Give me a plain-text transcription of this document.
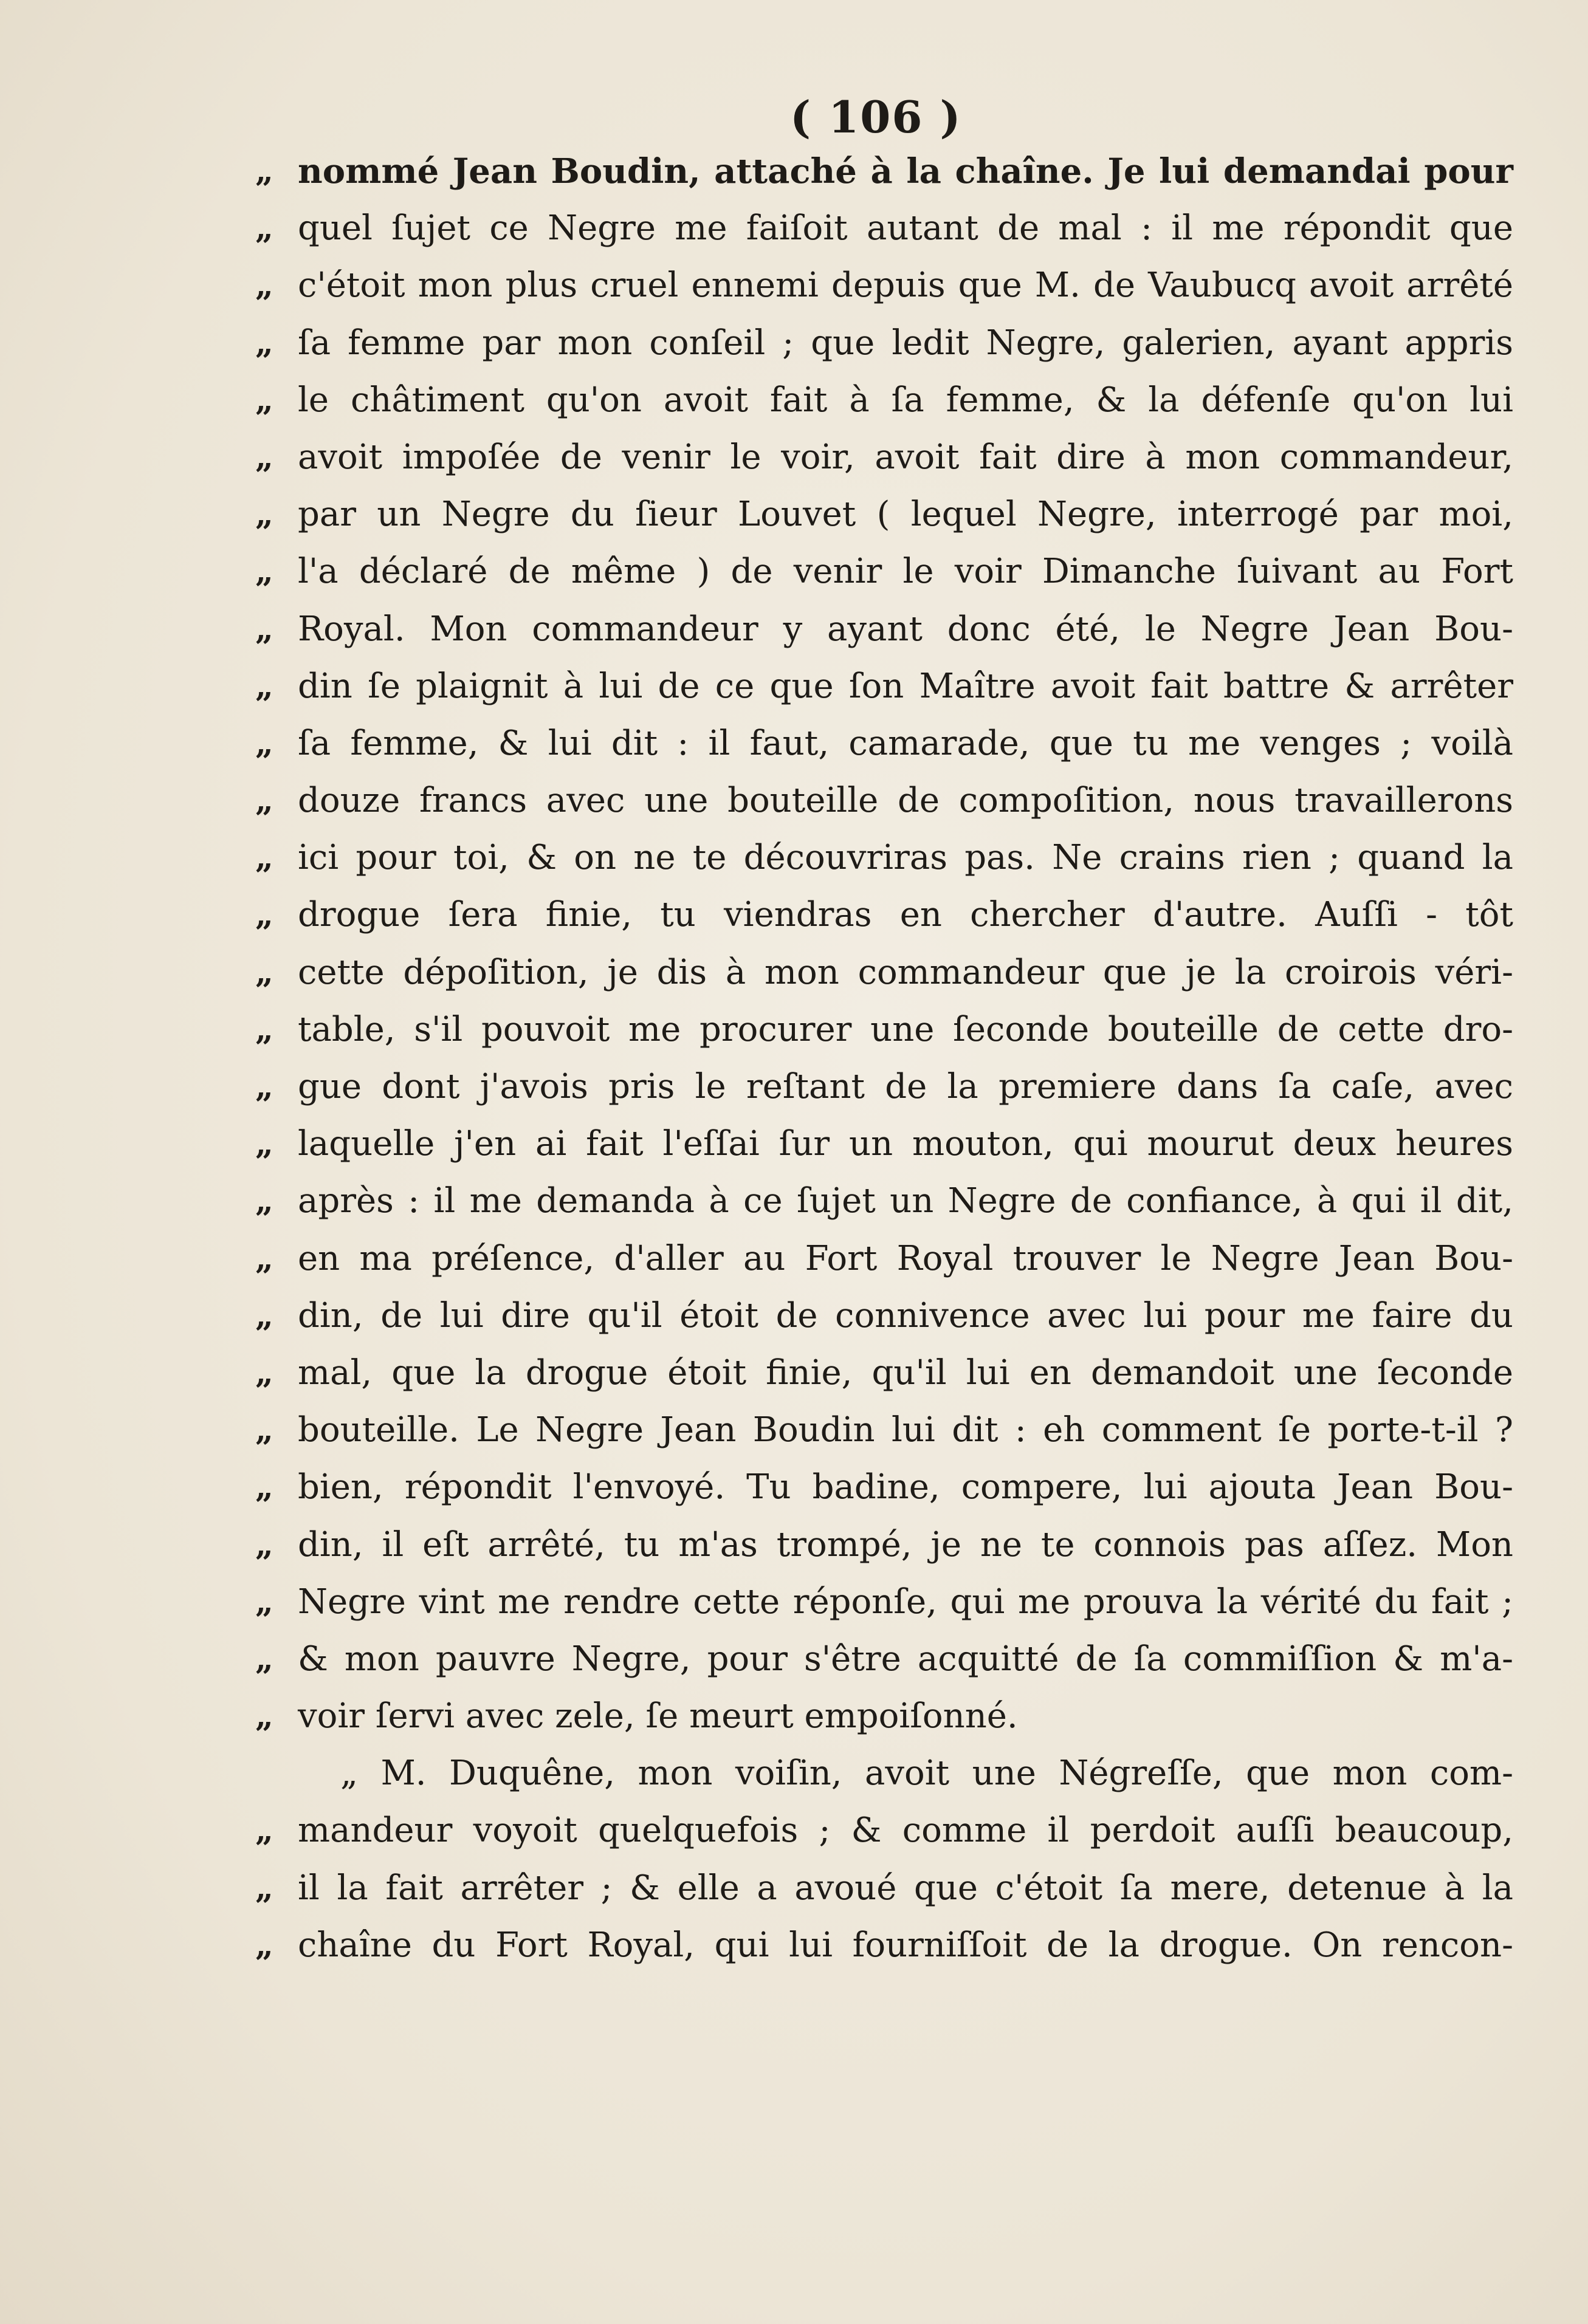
( 106 )
„ nommé Jean Boudin, attaché à la chaîne. Je lui demandai pour
„ quel ſujet ce Negre me faiſoit autant de mal : il me répondit que
„ c'étoit mon plus cruel ennemi depuis que M. de Vaubucq avoit arrêté
„ ſa femme par mon conſeil ; que ledit Negre, galerien, ayant appris
„ le châtiment qu'on avoit fait à ſa femme, & la défenſe qu'on lui
„ avoit impoſée de venir le voir, avoit fait dire à mon commandeur,
„ par un Negre du ſieur Louvet ( lequel Negre, interrogé par moi,
„ l'a déclaré de même ) de venir le voir Dimanche ſuivant au Fort
„ Royal. Mon commandeur y ayant donc été, le Negre Jean Bou-
„ din ſe plaignit à lui de ce que ſon Maître avoit fait battre & arrêter
„ ſa femme, & lui dit : il faut, camarade, que tu me venges ; voilà
„ douze francs avec une bouteille de compoſition, nous travaillerons
„ ici pour toi, & on ne te découvriras pas. Ne crains rien ; quand la
„ drogue ſera finie, tu viendras en chercher d'autre. Auſſi - tôt
„ cette dépoſition, je dis à mon commandeur que je la croirois véri-
„ table, s'il pouvoit me procurer une ſeconde bouteille de cette dro-
„ gue dont j'avois pris le reſtant de la premiere dans ſa caſe, avec
„ laquelle j'en ai fait l'eſſai ſur un mouton, qui mourut deux heures
„ après : il me demanda à ce ſujet un Negre de confiance, à qui il dit,
„ en ma préſence, d'aller au Fort Royal trouver le Negre Jean Bou-
„ din, de lui dire qu'il étoit de connivence avec lui pour me faire du
„ mal, que la drogue étoit finie, qu'il lui en demandoit une ſeconde
„ bouteille. Le Negre Jean Boudin lui dit : eh comment ſe porte-t-il ?
„ bien, répondit l'envoyé. Tu badine, compere, lui ajouta Jean Bou-
„ din, il eſt arrêté, tu m'as trompé, je ne te connois pas aſſez. Mon
„ Negre vint me rendre cette réponſe, qui me prouva la vérité du fait ;
„ & mon pauvre Negre, pour s'être acquitté de ſa commiſſion & m'a-
„ voir ſervi avec zele, ſe meurt empoiſonné.
„ M. Duquêne, mon voiſin, avoit une Négreſſe, que mon com-
„ mandeur voyoit quelquefois ; & comme il perdoit auſſi beaucoup,
„ il la fait arrêter ; & elle a avoué que c'étoit ſa mere, detenue à la
„ chaîne du Fort Royal, qui lui fourniſſoit de la drogue. On rencon-
